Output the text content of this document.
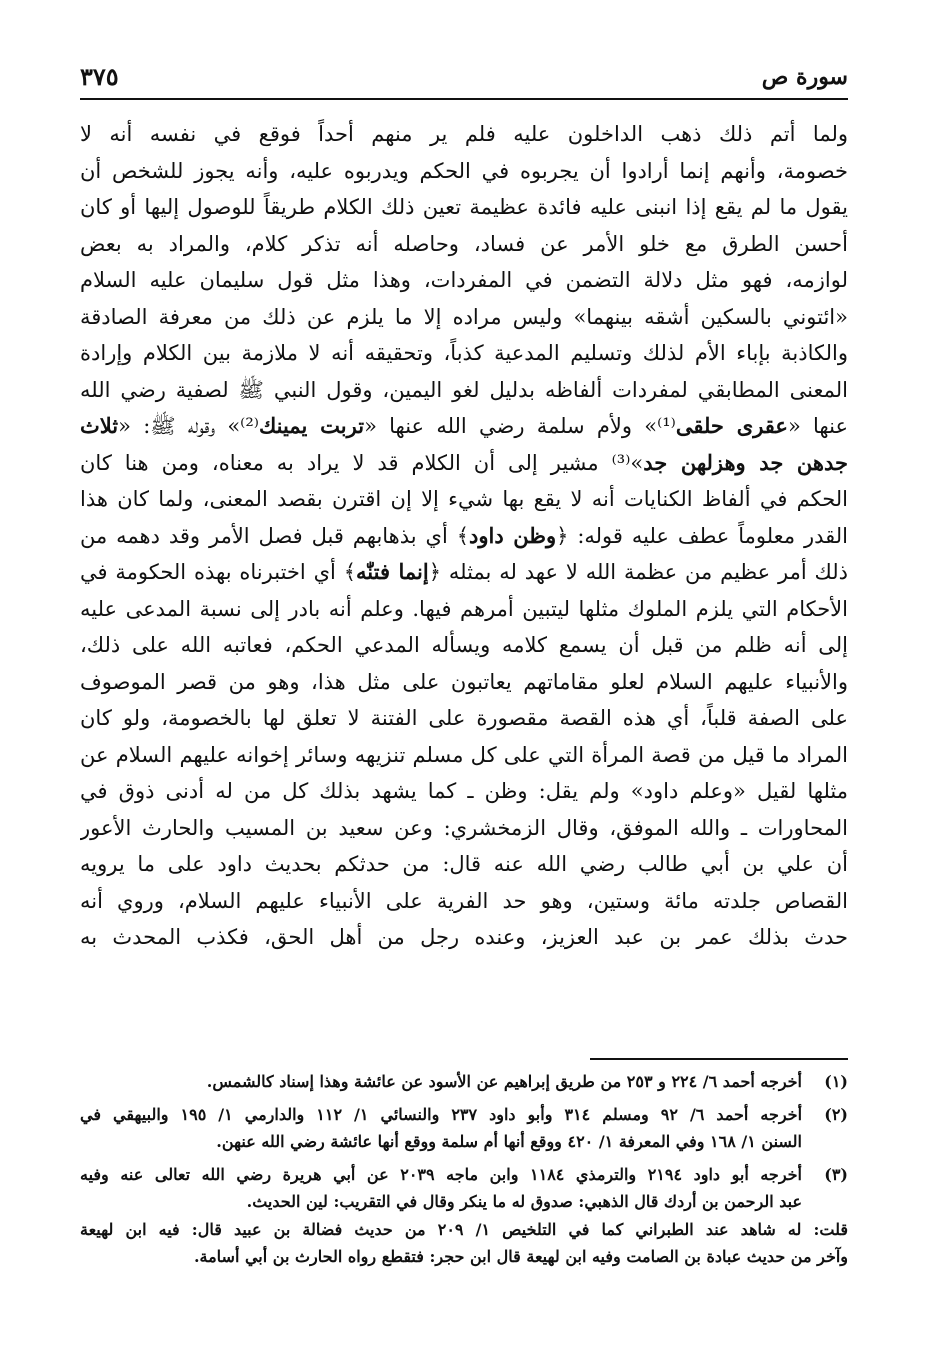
سورة ص
٣٧٥
ولما أتم ذلك ذهب الداخلون عليه فلم ير منهم أحداً فوقع في نفسه أنه لا
خصومة، وأنهم إنما أرادوا أن يجربوه في الحكم ويدربوه عليه، وأنه يجوز للشخص أن
يقول ما لم يقع إذا انبنى عليه فائدة عظيمة تعين ذلك الكلام طريقاً للوصول إليها أو كان
أحسن الطرق مع خلو الأمر عن فساد، وحاصله أنه تذكر كلام، والمراد به بعض
لوازمه، فهو مثل دلالة التضمن في المفردات، وهذا مثل قول سليمان عليه السلام
«ائتوني بالسكين أشقه بينهما» وليس مراده إلا ما يلزم عن ذلك من معرفة الصادقة
والكاذبة بإباء الأم لذلك وتسليم المدعية كذباً، وتحقيقه أنه لا ملازمة بين الكلام وإرادة
المعنى المطابقي لمفردات ألفاظه بدليل لغو اليمين، وقول النبي ﷺ لصفية رضي الله
عنها «عقرى حلقى⁽¹⁾» ولأم سلمة رضي الله عنها «تربت يمينك⁽²⁾» وقوله ﷺ: «ثلاث
جدهن جد وهزلهن جد»⁽³⁾ مشير إلى أن الكلام قد لا يراد به معناه، ومن هنا كان
الحكم في ألفاظ الكنايات أنه لا يقع بها شيء إلا إن اقترن بقصد المعنى، ولما كان هذا
القدر معلوماً عطف عليه قوله: ﴿وظن داود﴾ أي بذهابهم قبل فصل الأمر وقد دهمه من
ذلك أمر عظيم من عظمة الله لا عهد له بمثله ﴿إنما فتنّٰه﴾ أي اختبرناه بهذه الحكومة في
الأحكام التي يلزم الملوك مثلها ليتبين أمرهم فيها. وعلم أنه بادر إلى نسبة المدعى عليه
إلى أنه ظلم من قبل أن يسمع كلامه ويسأله المدعي الحكم، فعاتبه الله على ذلك،
والأنبياء عليهم السلام لعلو مقاماتهم يعاتبون على مثل هذا، وهو من قصر الموصوف
على الصفة قلباً، أي هذه القصة مقصورة على الفتنة لا تعلق لها بالخصومة، ولو كان
المراد ما قيل من قصة المرأة التي على كل مسلم تنزيهه وسائر إخوانه عليهم السلام عن
مثلها لقيل «وعلم داود» ولم يقل: وظن ـ كما يشهد بذلك كل من له أدنى ذوق في
المحاورات ـ والله الموفق، وقال الزمخشري: وعن سعيد بن المسيب والحارث الأعور
أن علي بن أبي طالب رضي الله عنه قال: من حدثكم بحديث داود على ما يرويه
القصاص جلدته مائة وستين، وهو حد الفرية على الأنبياء عليهم السلام، وروي أنه
حدث بذلك عمر بن عبد العزيز، وعنده رجل من أهل الحق، فكذب المحدث به
(١)
أخرجه أحمد ٦/ ٢٢٤ و ٢٥٣ من طريق إبراهيم عن الأسود عن عائشة وهذا إسناد كالشمس.
(٢)
أخرجه أحمد ٦/ ٩٢ ومسلم ٣١٤ وأبو داود ٢٣٧ والنسائي ١/ ١١٢ والدارمي ١/ ١٩٥ والبيهقي في
السنن ١/ ١٦٨ وفي المعرفة ١/ ٤٢٠ ووقع أنها أم سلمة ووقع أنها عائشة رضي الله عنهن.
(٣)
أخرجه أبو داود ٢١٩٤ والترمذي ١١٨٤ وابن ماجه ٢٠٣٩ عن أبي هريرة رضي الله تعالى عنه وفيه
عبد الرحمن بن أردك قال الذهبي: صدوق له ما ينكر وقال في التقريب: لين الحديث.
قلت: له شاهد عند الطبراني كما في التلخيص ١/ ٢٠٩ من حديث فضالة بن عبيد قال: فيه ابن لهيعة
وآخر من حديث عبادة بن الصامت وفيه ابن لهيعة قال ابن حجر: فتقطع رواه الحارث بن أبي أسامة.
